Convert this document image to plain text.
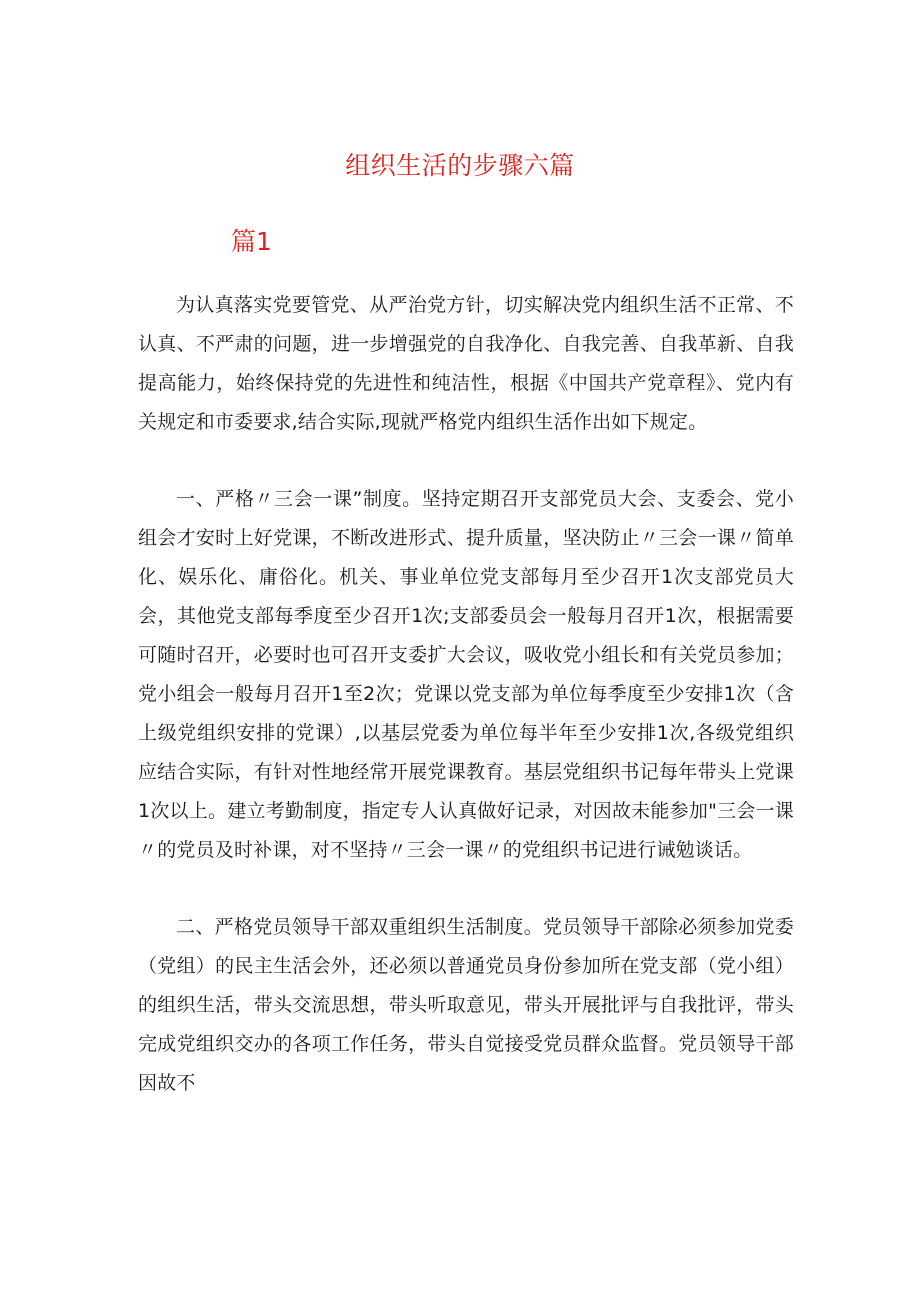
组织生活的步骤六篇
篇1

为认真落实党要管党、从严治党方针，切实解决党内组织生活不正常、不认真、不严肃的问题，进一步增强党的自我净化、自我完善、自我革新、自我提高能力，始终保持党的先进性和纯洁性，根据《中国共产党章程》、党内有关规定和市委要求,结合实际,现就严格党内组织生活作出如下规定。

一、严格〃三会一课”制度。坚持定期召开支部党员大会、支委会、党小组会才安时上好党课，不断改进形式、提升质量，坚决防止〃三会一课〃简单化、娱乐化、庸俗化。机关、事业单位党支部每月至少召开1次支部党员大会，其他党支部每季度至少召开1次;支部委员会一般每月召开1次，根据需要可随时召开，必要时也可召开支委扩大会议，吸收党小组长和有关党员参加；党小组会一般每月召开1至2次；党课以党支部为单位每季度至少安排1次（含上级党组织安排的党课）,以基层党委为单位每半年至少安排1次,各级党组织应结合实际，有针对性地经常开展党课教育。基层党组织书记每年带头上党课1次以上。建立考勤制度，指定专人认真做好记录，对因故未能参加"三会一课〃的党员及时补课，对不坚持〃三会一课〃的党组织书记进行诫勉谈话。

二、严格党员领导干部双重组织生活制度。党员领导干部除必须参加党委（党组）的民主生活会外，还必须以普通党员身份参加所在党支部（党小组）的组织生活，带头交流思想，带头听取意见，带头开展批评与自我批评，带头完成党组织交办的各项工作任务，带头自觉接受党员群众监督。党员领导干部因故不
